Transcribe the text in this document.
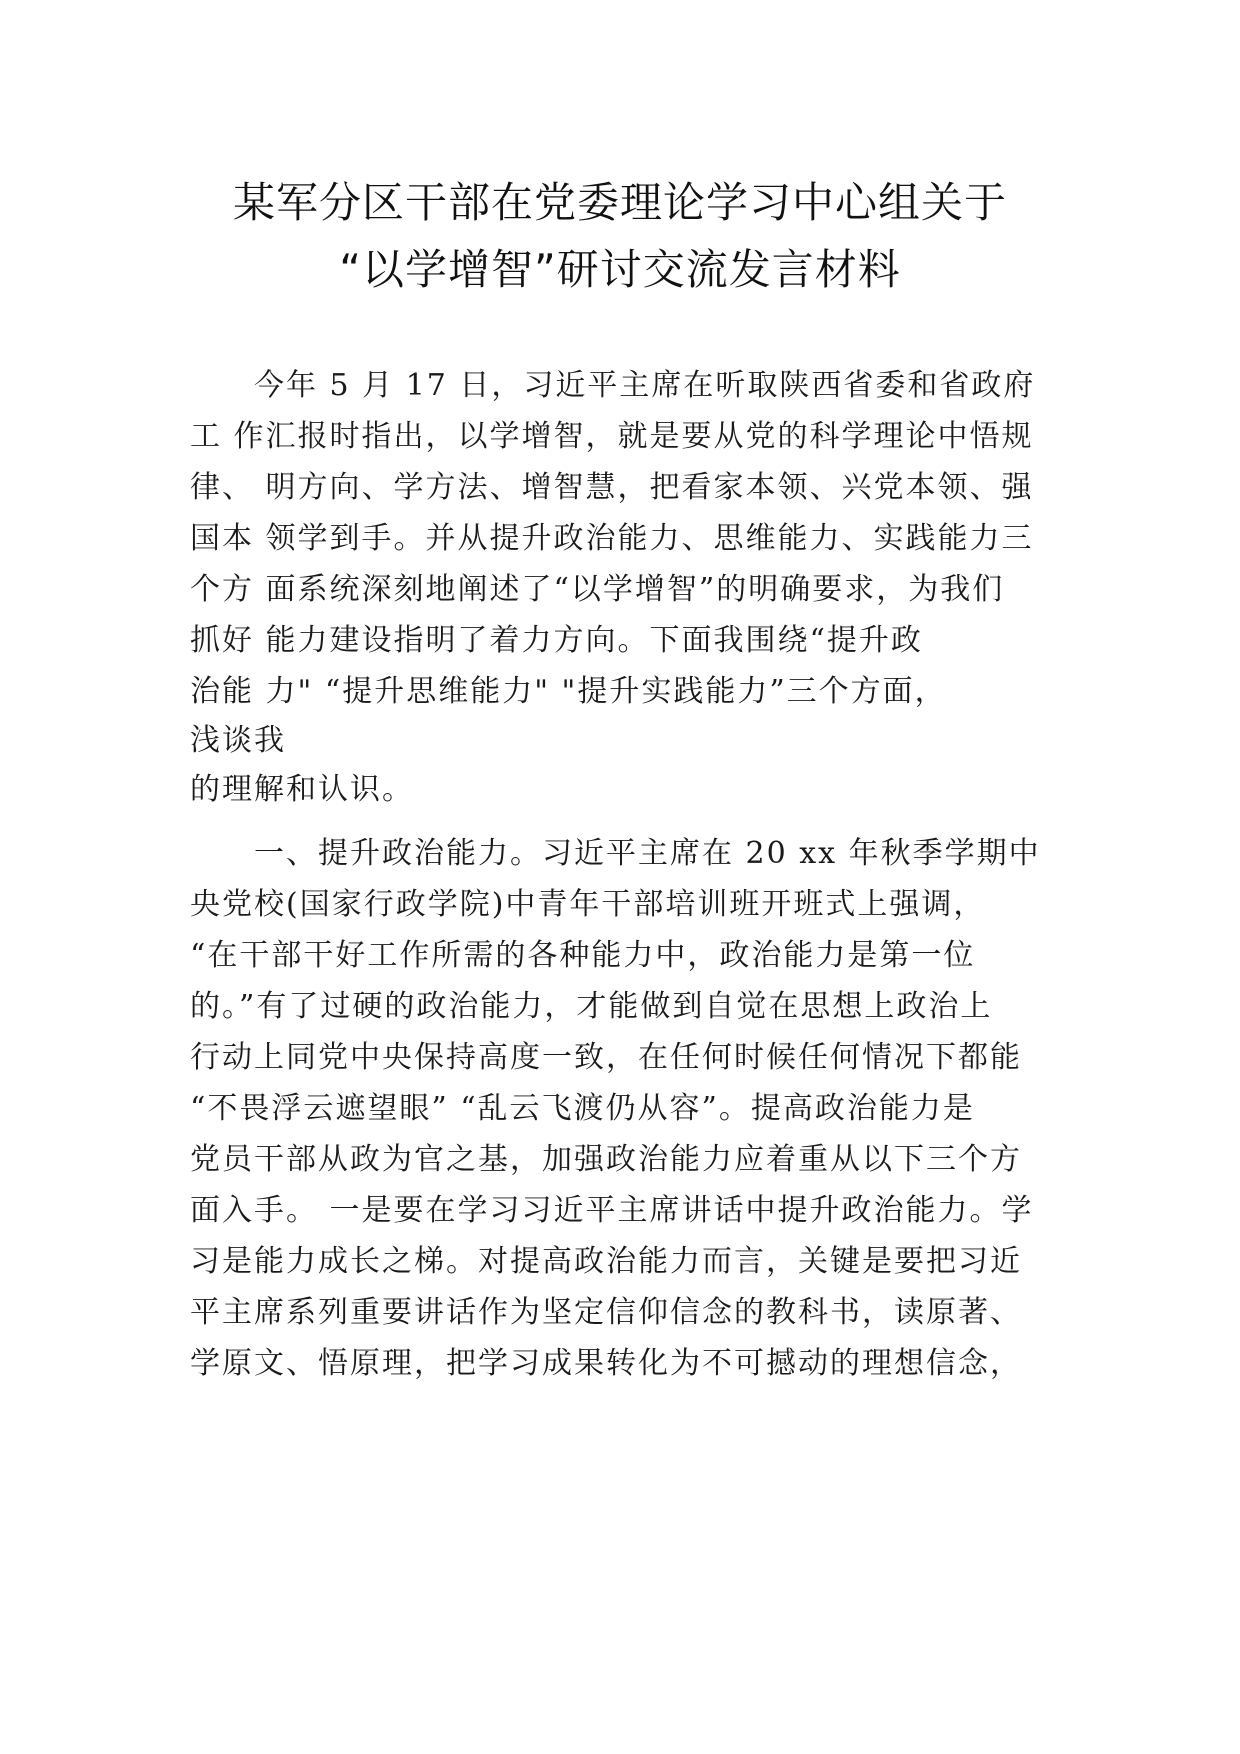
某军分区干部在党委理论学习中心组关于
“以学增智”研讨交流发言材料
　　今年 5 月 17 日，习近平主席在听取陕西省委和省政府
工 作汇报时指出，以学增智，就是要从党的科学理论中悟规
律、 明方向、学方法、增智慧，把看家本领、兴党本领、强
国本 领学到手。并从提升政治能力、思维能力、实践能力三
个方 面系统深刻地阐述了“以学增智”的明确要求，为我们
抓好 能力建设指明了着力方向。下面我围绕“提升政
治能 力" “提升思维能力" "提升实践能力”三个方面，
浅谈我
的理解和认识。
　　一、提升政治能力。习近平主席在 20 xx 年秋季学期中
央党校(国家行政学院)中青年干部培训班开班式上强调，
“在干部干好工作所需的各种能力中，政治能力是第一位
的。”有了过硬的政治能力，才能做到自觉在思想上政治上
行动上同党中央保持高度一致，在任何时候任何情况下都能
“不畏浮云遮望眼” “乱云飞渡仍从容”。提高政治能力是
党员干部从政为官之基，加强政治能力应着重从以下三个方
面入手。 一是要在学习习近平主席讲话中提升政治能力。学
习是能力成长之梯。对提高政治能力而言，关键是要把习近
平主席系列重要讲话作为坚定信仰信念的教科书，读原著、
学原文、悟原理，把学习成果转化为不可撼动的理想信念，
